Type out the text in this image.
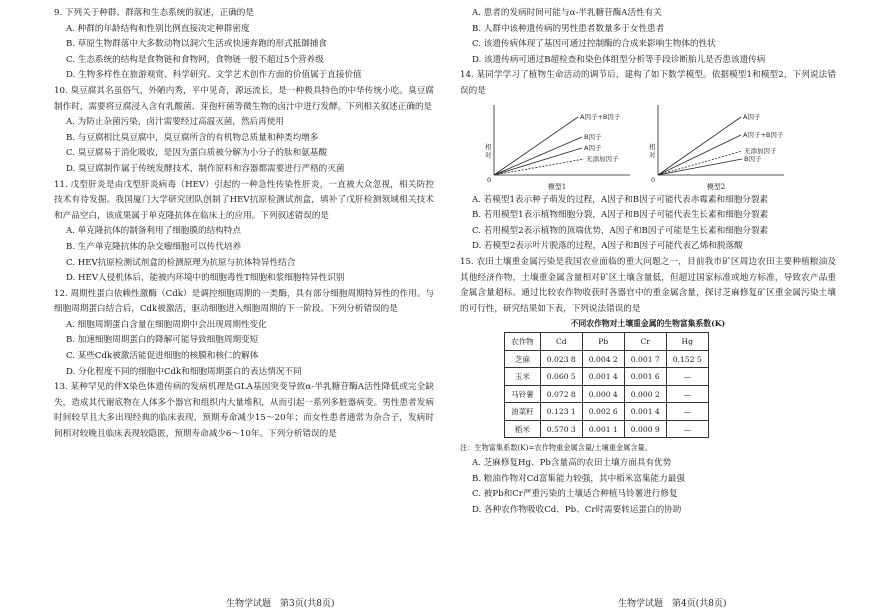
9. 下列关于种群、群落和生态系统的叙述，正确的是

A. 种群的年龄结构和性别比例直接决定种群密度

B. 草原生物群落中大多数动物以洞穴生活或快速奔跑的形式抵御捕食

C. 生态系统的结构是食物链和食物网，食物链一般不超过5个营养级

D. 生物多样性在旅游观赏、科学研究、文学艺术创作方面的价值属于直接价值

10. 臭豆腐其名虽俗气，外陋内秀，平中见奇，源远流长，是一种极具特色的中华传统小吃。臭豆腐制作时，需要将豆腐浸入含有乳酸菌、芽孢杆菌等微生物的卤汁中进行发酵。下列相关叙述正确的是

A. 为防止杂菌污染，卤汁需要经过高温灭菌，然后再使用

B. 与豆腐相比臭豆腐中，臭豆腐所含的有机物总质量和种类均增多

C. 臭豆腐易于消化吸收，是因为蛋白质被分解为小分子的肽和氨基酸

D. 臭豆腐制作属于传统发酵技术，制作原料和容器都需要进行严格的灭菌

11. 戊型肝炎是由戊型肝炎病毒（HEV）引起的一种急性传染性肝炎，一直被大众忽视，相关防控技术有待发掘。我国厦门大学研究团队创制了HEV抗原检测试剂盒，填补了戊肝检测领域相关技术和产品空白，该成果属于单克隆抗体在临床上的应用。下列叙述错误的是

A. 单克隆抗体的制备利用了细胞膜的结构特点

B. 生产单克隆抗体的杂交瘤细胞可以传代培养

C. HEV抗原检测试剂盒的检测原理为抗原与抗体特异性结合

D. HEV人侵机体后，能被内环境中的细胞毒性T细胞和浆细胞特异性识别

12. 周期性蛋白依赖性激酶（Cdk）是调控细胞周期的一类酶，具有部分细胞周期特异性的作用。与细胞周期蛋白结合后，Cdk被激活，驱动细胞进入细胞周期的下一阶段。下列分析错误的是

A. 细胞周期蛋白含量在细胞周期中会出现周期性变化

B. 加速细胞周期蛋白的降解可能导致细胞周期变短

C. 某些Cdk被激活能促进细胞的核膜和核仁的解体

D. 分化程度不同的细胞中Cdk和细胞周期蛋白的表达情况不同

13. 某种罕见的伴X染色体遗传病的发病机理是GLA基因突变导致α-半乳糖苷酶A活性降低或完全缺失，造成其代谢底物在人体多个器官和组织内大量堆积，从而引起一系列多脏器病变。男性患者发病时间较早且大多出现经典的临床表现，预期寿命减少15～20年；而女性患者通常为杂合子，发病时间相对较晚且临床表现较隐匿，预期寿命减少6～10年。下列分析错误的是

A. 患者的发病时间可能与α-半乳糖苷酶A活性有关

B. 人群中该种遗传病的男性患者数量多于女性患者

C. 该遗传病体现了基因可通过控制酶的合成来影响生物体的性状

D. 该遗传病可通过B超检查和染色体组型分析等手段诊断胎儿是否患该遗传病

14. 某同学学习了植物生命活动的调节后，建构了如下数学模型。依据模型1和模型2，下列说法错误的是

相
对
0
A因子+B因子
B因子
A因子
无添加因子
模型1
相
对
0
A因子
A因子+B因子
无添加因子
B因子
模型2

A. 若模型1表示种子萌发的过程，A因子和B因子可能代表赤霉素和细胞分裂素

B. 若用模型1表示植物细胞分裂，A因子和B因子可能代表生长素和细胞分裂素

C. 若用模型2表示植物的顶端优势，A因子和B因子可能是生长素和细胞分裂素

D. 若模型2表示叶片脱落的过程，A因子和B因子可能代表乙烯和脱落酸

15. 农田土壤重金属污染是我国农业面临的重大问题之一，目前我市矿区周边农田主要种植粮油及其他经济作物，土壤重金属含量相对矿区土壤含量低，但超过国家标准或地方标准，导致农产品重金属含量超标。通过比较农作物收获时各器官中的重金属含量，探讨芝麻修复矿区重金属污染土壤的可行性，研究结果如下表，下列说法错误的是

不同农作物对土壤重金属的生物富集系数(K)

农作物	Cd	Pb	Cr	Hg
芝麻	0.023 8	0.004 2	0.001 7	0.152 5
玉米	0.060 5	0.001 4	0.001 6	—
马铃薯	0.072 8	0.000 4	0.000 2	—
油菜籽	0.123 1	0.002 6	0.001 4	—
稻米	0.570 3	0.001 1	0.000 9	—

注：生物富集系数(K)=农作物重金属含量/土壤重金属含量。

A. 芝麻修复Hg、Pb含量高的农田土壤方面具有优势

B. 粮油作物对Cd富集能力较强，其中稻米富集能力最强

C. 被Pb和Cr严重污染的土壤适合种植马铃薯进行修复

D. 各种农作物吸收Cd、Pb、Cr时需要转运蛋白的协助

生物学试题　第3页(共8页)	生物学试题　第4页(共8页)
